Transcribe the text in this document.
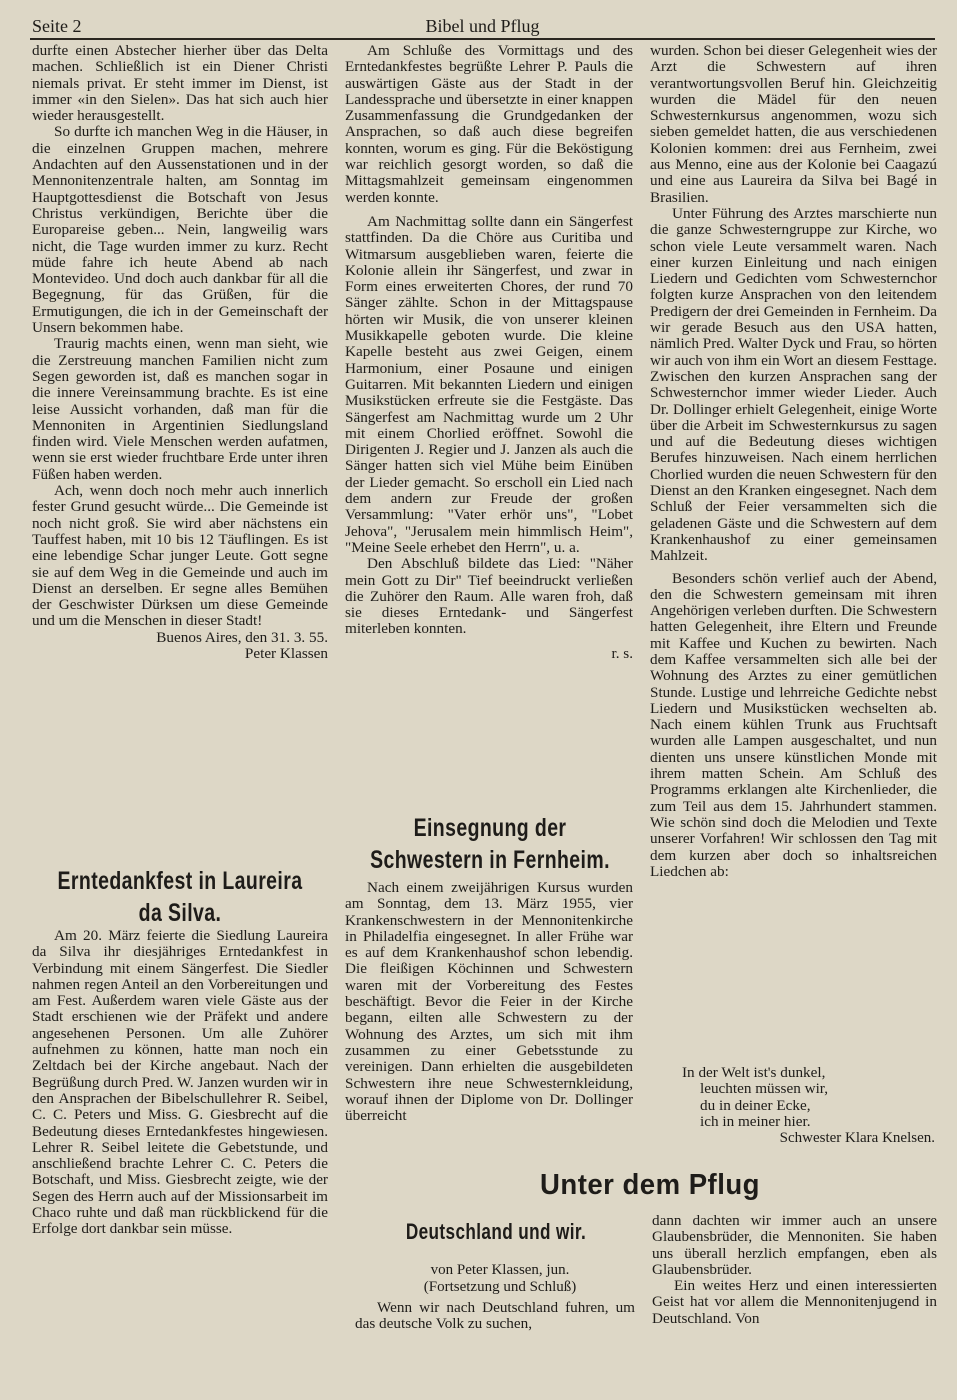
Seite 2	Bibel und Pflug

durfte einen Abstecher hierher über das Delta machen. Schließlich ist ein Diener Christi niemals privat. Er steht immer im Dienst, ist immer «in den Sielen». Das hat sich auch hier wieder herausgestellt.

So durfte ich manchen Weg in die Häuser, in die einzelnen Gruppen machen, mehrere Andachten auf den Aussenstationen und in der Mennonitenzentrale halten, am Sonntag im Hauptgottesdienst die Botschaft von Jesus Christus verkündigen, Berichte über die Europareise geben... Nein, langweilig wars nicht, die Tage wurden immer zu kurz. Recht müde fahre ich heute Abend ab nach Montevideo. Und doch auch dankbar für all die Begegnung, für das Grüßen, für die Ermutigungen, die ich in der Gemeinschaft der Unsern bekommen habe.

Traurig machts einen, wenn man sieht, wie die Zerstreuung manchen Familien nicht zum Segen geworden ist, daß es manchen sogar in die innere Vereinsammung brachte. Es ist eine leise Aussicht vorhanden, daß man für die Mennoniten in Argentinien Siedlungsland finden wird. Viele Menschen werden aufatmen, wenn sie erst wieder fruchtbare Erde unter ihren Füßen haben werden.

Ach, wenn doch noch mehr auch innerlich fester Grund gesucht würde... Die Gemeinde ist noch nicht groß. Sie wird aber nächstens ein Tauffest haben, mit 10 bis 12 Täuflingen. Es ist eine lebendige Schar junger Leute. Gott segne sie auf dem Weg in die Gemeinde und auch im Dienst an derselben. Er segne alles Bemühen der Geschwister Dürksen um diese Gemeinde und um die Menschen in dieser Stadt!

Buenos Aires, den 31. 3. 55.

Peter Klassen

Erntedankfest in Laureira da Silva.

Am 20. März feierte die Siedlung Laureira da Silva ihr diesjähriges Erntedankfest in Verbindung mit einem Sängerfest. Die Siedler nahmen regen Anteil an den Vorbereitungen und am Fest. Außerdem waren viele Gäste aus der Stadt erschienen wie der Präfekt und andere angesehenen Personen. Um alle Zuhörer aufnehmen zu können, hatte man noch ein Zeltdach bei der Kirche angebaut. Nach der Begrüßung durch Pred. W. Janzen wurden wir in den Ansprachen der Bibelschullehrer R. Seibel, C. C. Peters und Miss. G. Giesbrecht auf die Bedeutung dieses Erntedankfestes hingewiesen. Lehrer R. Seibel leitete die Gebetstunde, und anschließend brachte Lehrer C. C. Peters die Botschaft, und Miss. Giesbrecht zeigte, wie der Segen des Herrn auch auf der Missionsarbeit im Chaco ruhte und daß man rückblickend für die Erfolge dort dankbar sein müsse.

Am Schluße des Vormittags und des Erntedankfestes begrüßte Lehrer P. Pauls die auswärtigen Gäste aus der Stadt in der Landessprache und übersetzte in einer knappen Zusammenfassung die Grundgedanken der Ansprachen, so daß auch diese begreifen konnten, worum es ging. Für die Beköstigung war reichlich gesorgt worden, so daß die Mittagsmahlzeit gemeinsam eingenommen werden konnte.

Am Nachmittag sollte dann ein Sängerfest stattfinden. Da die Chöre aus Curitiba und Witmarsum ausgeblieben waren, feierte die Kolonie allein ihr Sängerfest, und zwar in Form eines erweiterten Chores, der rund 70 Sänger zählte. Schon in der Mittagspause hörten wir Musik, die von unserer kleinen Musikkapelle geboten wurde. Die kleine Kapelle besteht aus zwei Geigen, einem Harmonium, einer Posaune und einigen Guitarren. Mit bekannten Liedern und einigen Musikstücken erfreute sie die Festgäste. Das Sängerfest am Nachmittag wurde um 2 Uhr mit einem Chorlied eröffnet. Sowohl die Dirigenten J. Regier und J. Janzen als auch die Sänger hatten sich viel Mühe beim Einüben der Lieder gemacht. So erscholl ein Lied nach dem andern zur Freude der großen Versammlung: "Vater erhör uns", "Lobet Jehova", "Jerusalem mein himmlisch Heim", "Meine Seele erhebet den Herrn", u. a.

Den Abschluß bildete das Lied: "Näher mein Gott zu Dir" Tief beeindruckt verließen die Zuhörer den Raum. Alle waren froh, daß sie dieses Erntedank- und Sängerfest miterleben konnten.

r. s.

Einsegnung der Schwestern in Fernheim.

Nach einem zweijährigen Kursus wurden am Sonntag, dem 13. März 1955, vier Krankenschwestern in der Mennonitenkirche in Philadelfia eingesegnet. In aller Frühe war es auf dem Krankenhaushof schon lebendig. Die fleißigen Köchinnen und Schwestern waren mit der Vorbereitung des Festes beschäftigt. Bevor die Feier in der Kirche begann, eilten alle Schwestern zu der Wohnung des Arztes, um sich mit ihm zusammen zu einer Gebetsstunde zu vereinigen. Dann erhielten die ausgebildeten Schwestern ihre neue Schwesternkleidung, worauf ihnen der Diplome von Dr. Dollinger überreicht

wurden. Schon bei dieser Gelegenheit wies der Arzt die Schwestern auf ihren verantwortungsvollen Beruf hin. Gleichzeitig wurden die Mädel für den neuen Schwesternkursus angenommen, wozu sich sieben gemeldet hatten, die aus verschiedenen Kolonien kommen: drei aus Fernheim, zwei aus Menno, eine aus der Kolonie bei Caagazú und eine aus Laureira da Silva bei Bagé in Brasilien.

Unter Führung des Arztes marschierte nun die ganze Schwesterngruppe zur Kirche, wo schon viele Leute versammelt waren. Nach einer kurzen Einleitung und nach einigen Liedern und Gedichten vom Schwesternchor folgten kurze Ansprachen von den leitendem Predigern der drei Gemeinden in Fernheim. Da wir gerade Besuch aus den USA hatten, nämlich Pred. Walter Dyck und Frau, so hörten wir auch von ihm ein Wort an diesem Festtage. Zwischen den kurzen Ansprachen sang der Schwesternchor immer wieder Lieder. Auch Dr. Dollinger erhielt Gelegenheit, einige Worte über die Arbeit im Schwesternkursus zu sagen und auf die Bedeutung dieses wichtigen Berufes hinzuweisen. Nach einem herrlichen Chorlied wurden die neuen Schwestern für den Dienst an den Kranken eingesegnet. Nach dem Schluß der Feier versammelten sich die geladenen Gäste und die Schwestern auf dem Krankenhaushof zu einer gemeinsamen Mahlzeit.

Besonders schön verlief auch der Abend, den die Schwestern gemeinsam mit ihren Angehörigen verleben durften. Die Schwestern hatten Gelegenheit, ihre Eltern und Freunde mit Kaffee und Kuchen zu bewirten. Nach dem Kaffee versammelten sich alle bei der Wohnung des Arztes zu einer gemütlichen Stunde. Lustige und lehrreiche Gedichte nebst Liedern und Musikstücken wechselten ab. Nach einem kühlen Trunk aus Fruchtsaft wurden alle Lampen ausgeschaltet, und nun dienten uns unsere künstlichen Monde mit ihrem matten Schein. Am Schluß des Programms erklangen alte Kirchenlieder, die zum Teil aus dem 15. Jahrhundert stammen. Wie schön sind doch die Melodien und Texte unserer Vorfahren! Wir schlossen den Tag mit dem kurzen aber doch so inhaltsreichen Liedchen ab:

In der Welt ist's dunkel,
leuchten müssen wir,
du in deiner Ecke,
ich in meiner hier.
Schwester Klara Knelsen.
Unter dem Pflug
Deutschland und wir.
von Peter Klassen, jun.
(Fortsetzung und Schluß)

Wenn wir nach Deutschland fuhren, um das deutsche Volk zu suchen,

dann dachten wir immer auch an unsere Glaubensbrüder, die Mennoniten. Sie haben uns überall herzlich empfangen, eben als Glaubensbrüder.

Ein weites Herz und einen interessierten Geist hat vor allem die Mennonitenjugend in Deutschland. Von
